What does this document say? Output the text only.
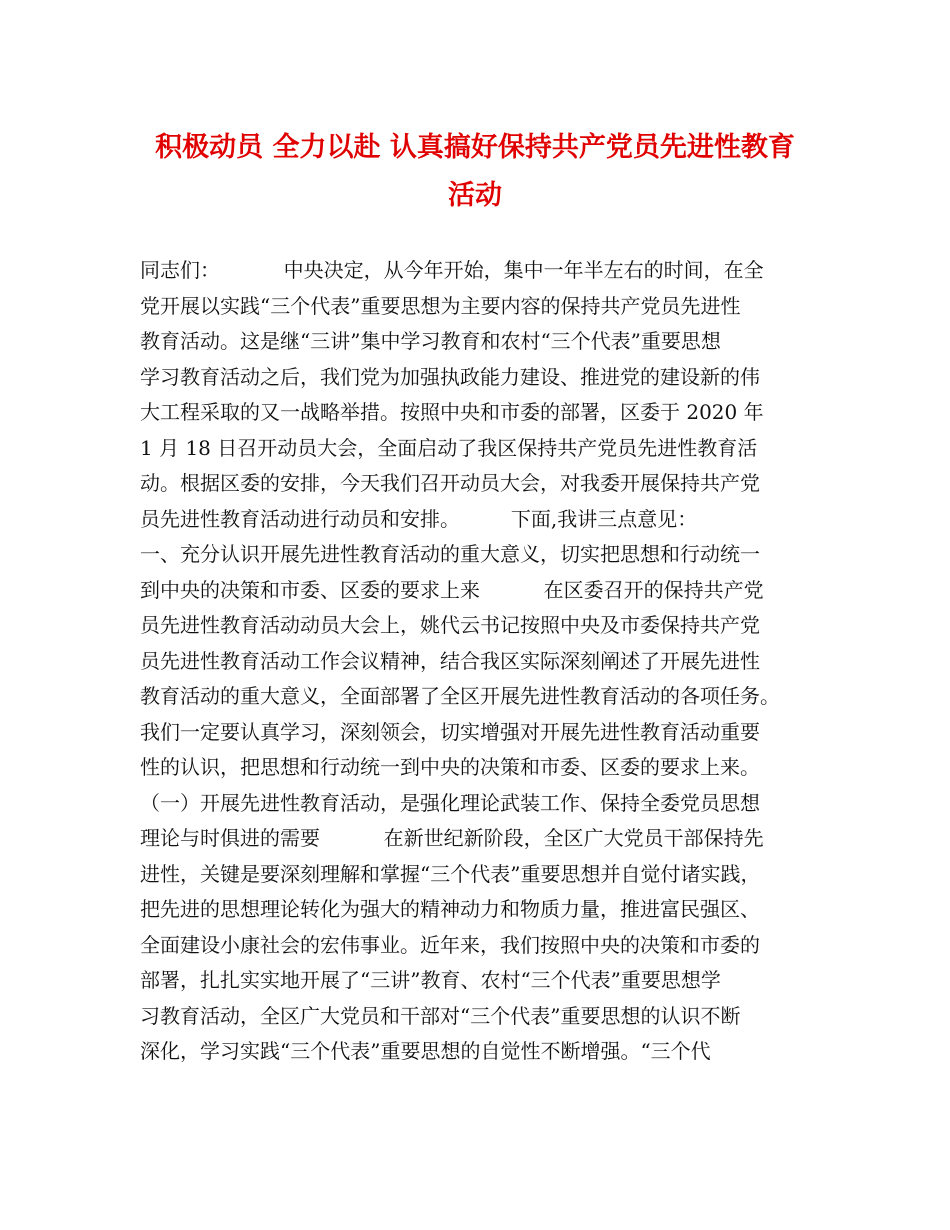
积极动员 全力以赴 认真搞好保持共产党员先进性教育
活动
同志们：          中央决定，从今年开始，集中一年半左右的时间，在全
党开展以实践“三个代表”重要思想为主要内容的保持共产党员先进性
教育活动。这是继“三讲”集中学习教育和农村“三个代表”重要思想
学习教育活动之后，我们党为加强执政能力建设、推进党的建设新的伟
大工程采取的又一战略举措。按照中央和市委的部署，区委于 2020 年
1 月 18 日召开动员大会，全面启动了我区保持共产党员先进性教育活
动。根据区委的安排，今天我们召开动员大会，对我委开展保持共产党
员先进性教育活动进行动员和安排。        下面,我讲三点意见：
一、充分认识开展先进性教育活动的重大意义，切实把思想和行动统一
到中央的决策和市委、区委的要求上来          在区委召开的保持共产党
员先进性教育活动动员大会上，姚代云书记按照中央及市委保持共产党
员先进性教育活动工作会议精神，结合我区实际深刻阐述了开展先进性
教育活动的重大意义，全面部署了全区开展先进性教育活动的各项任务。
我们一定要认真学习，深刻领会，切实增强对开展先进性教育活动重要
性的认识，把思想和行动统一到中央的决策和市委、区委的要求上来。
（一）开展先进性教育活动，是强化理论武装工作、保持全委党员思想
理论与时俱进的需要          在新世纪新阶段，全区广大党员干部保持先
进性，关键是要深刻理解和掌握“三个代表”重要思想并自觉付诸实践，
把先进的思想理论转化为强大的精神动力和物质力量，推进富民强区、
全面建设小康社会的宏伟事业。近年来，我们按照中央的决策和市委的
部署，扎扎实实地开展了“三讲”教育、农村“三个代表”重要思想学
习教育活动，全区广大党员和干部对“三个代表”重要思想的认识不断
深化，学习实践“三个代表”重要思想的自觉性不断增强。“三个代
